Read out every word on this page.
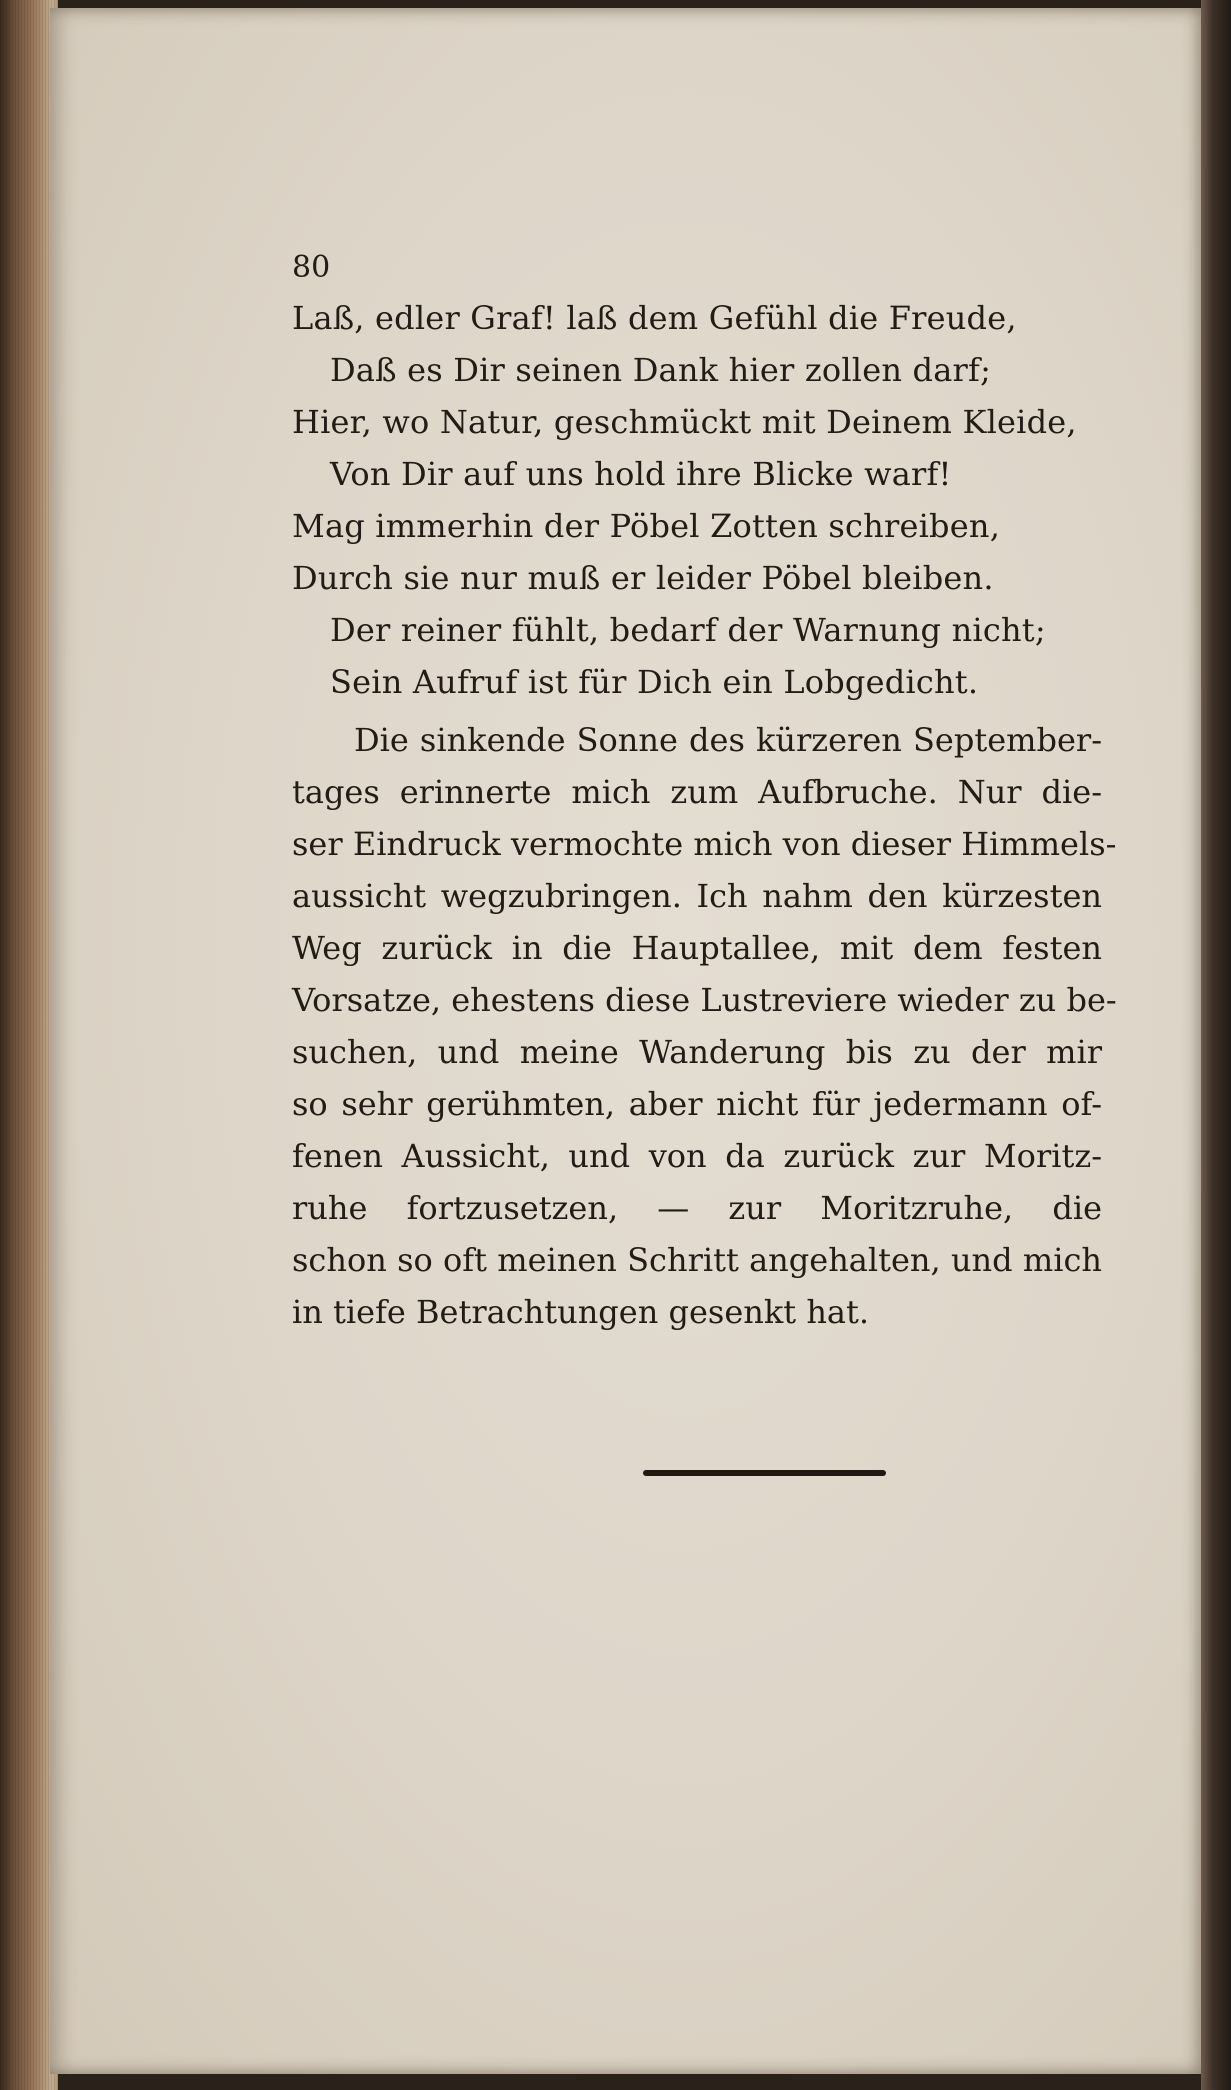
80
Laß, edler Graf! laß dem Gefühl die Freude,
Daß es Dir seinen Dank hier zollen darf;
Hier, wo Natur, geschmückt mit Deinem Kleide,
Von Dir auf uns hold ihre Blicke warf!
Mag immerhin der Pöbel Zotten schreiben,
Durch sie nur muß er leider Pöbel bleiben.
Der reiner fühlt, bedarf der Warnung nicht;
Sein Aufruf ist für Dich ein Lobgedicht.
Die sinkende Sonne des kürzeren September-
tages erinnerte mich zum Aufbruche. Nur die-
ser Eindruck vermochte mich von dieser Himmels-
aussicht wegzubringen. Ich nahm den kürzesten
Weg zurück in die Hauptallee, mit dem festen
Vorsatze, ehestens diese Lustreviere wieder zu be-
suchen, und meine Wanderung bis zu der mir
so sehr gerühmten, aber nicht für jedermann of-
fenen Aussicht, und von da zurück zur Moritz-
ruhe fortzusetzen, — zur Moritzruhe, die
schon so oft meinen Schritt angehalten, und mich
in tiefe Betrachtungen gesenkt hat.
